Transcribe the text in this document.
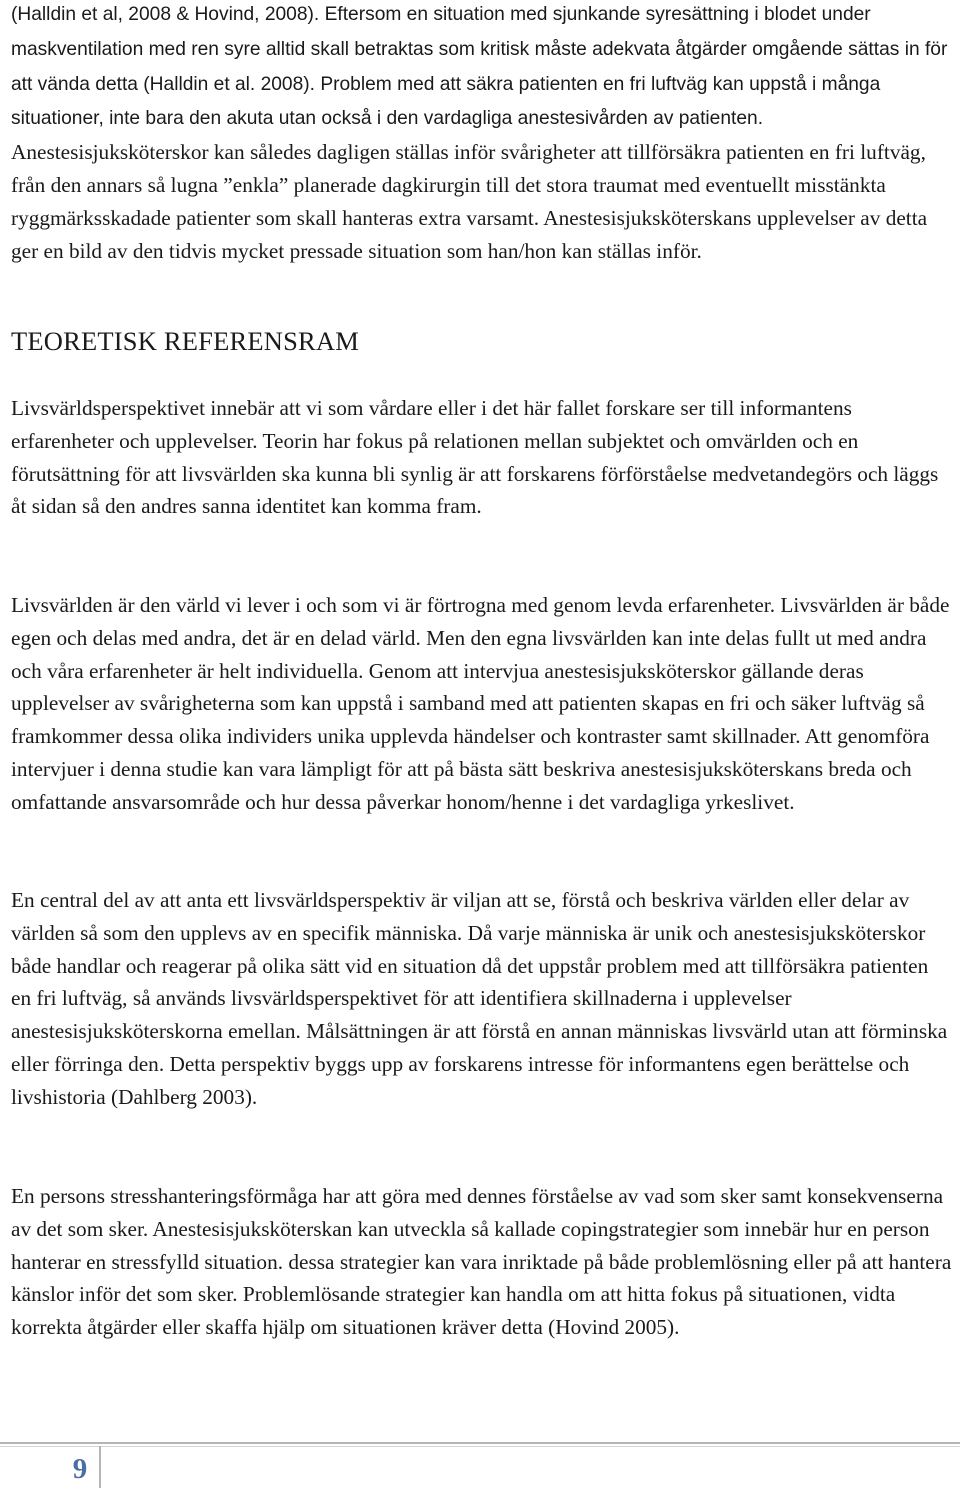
(Halldin et al, 2008 & Hovind, 2008). Eftersom en situation med sjunkande syresättning i blodet under maskventilation med ren syre alltid skall betraktas som kritisk måste adekvata åtgärder omgående sättas in för att vända detta (Halldin et al. 2008). Problem med att säkra patienten en fri luftväg kan uppstå i många situationer, inte bara den akuta utan också i den vardagliga anestesivården av patienten. Anestesisjuksköterskor kan således dagligen ställas inför svårigheter att tillförsäkra patienten en fri luftväg, från den annars så lugna ”enkla” planerade dagkirurgin till det stora traumat med eventuellt misstänkta ryggmärksskadade patienter som skall hanteras extra varsamt. Anestesisjuksköterskans upplevelser av detta ger en bild av den tidvis mycket pressade situation som han/hon kan ställas inför.

TEORETISK REFERENSRAM

Livsvärldsperspektivet innebär att vi som vårdare eller i det här fallet forskare ser till informantens erfarenheter och upplevelser. Teorin har fokus på relationen mellan subjektet och omvärlden och en förutsättning för att livsvärlden ska kunna bli synlig är att forskarens förförståelse medvetandegörs och läggs åt sidan så den andres sanna identitet kan komma fram.

Livsvärlden är den värld vi lever i och som vi är förtrogna med genom levda erfarenheter. Livsvärlden är både egen och delas med andra, det är en delad värld. Men den egna livsvärlden kan inte delas fullt ut med andra och våra erfarenheter är helt individuella. Genom att intervjua anestesisjuksköterskor gällande deras upplevelser av svårigheterna som kan uppstå i samband med att patienten skapas en fri och säker luftväg så framkommer dessa olika individers unika upplevda händelser och kontraster samt skillnader. Att genomföra intervjuer i denna studie kan vara lämpligt för att på bästa sätt beskriva anestesisjuksköterskans breda och omfattande ansvarsområde och hur dessa påverkar honom/henne i det vardagliga yrkeslivet.

En central del av att anta ett livsvärldsperspektiv är viljan att se, förstå och beskriva världen eller delar av världen så som den upplevs av en specifik människa. Då varje människa är unik och anestesisjuksköterskor både handlar och reagerar på olika sätt vid en situation då det uppstår problem med att tillförsäkra patienten en fri luftväg, så används livsvärldsperspektivet för att identifiera skillnaderna i upplevelser anestesisjuksköterskorna emellan. Målsättningen är att förstå en annan människas livsvärld utan att förminska eller förringa den. Detta perspektiv byggs upp av forskarens intresse för informantens egen berättelse och livshistoria (Dahlberg 2003).

En persons stresshanteringsförmåga har att göra med dennes förståelse av vad som sker samt konsekvenserna av det som sker. Anestesisjuksköterskan kan utveckla så kallade copingstrategier som innebär hur en person hanterar en stressfylld situation. dessa strategier kan vara inriktade på både problemlösning eller på att hantera känslor inför det som sker. Problemlösande strategier kan handla om att hitta fokus på situationen, vidta korrekta åtgärder eller skaffa hjälp om situationen kräver detta (Hovind 2005).

9
